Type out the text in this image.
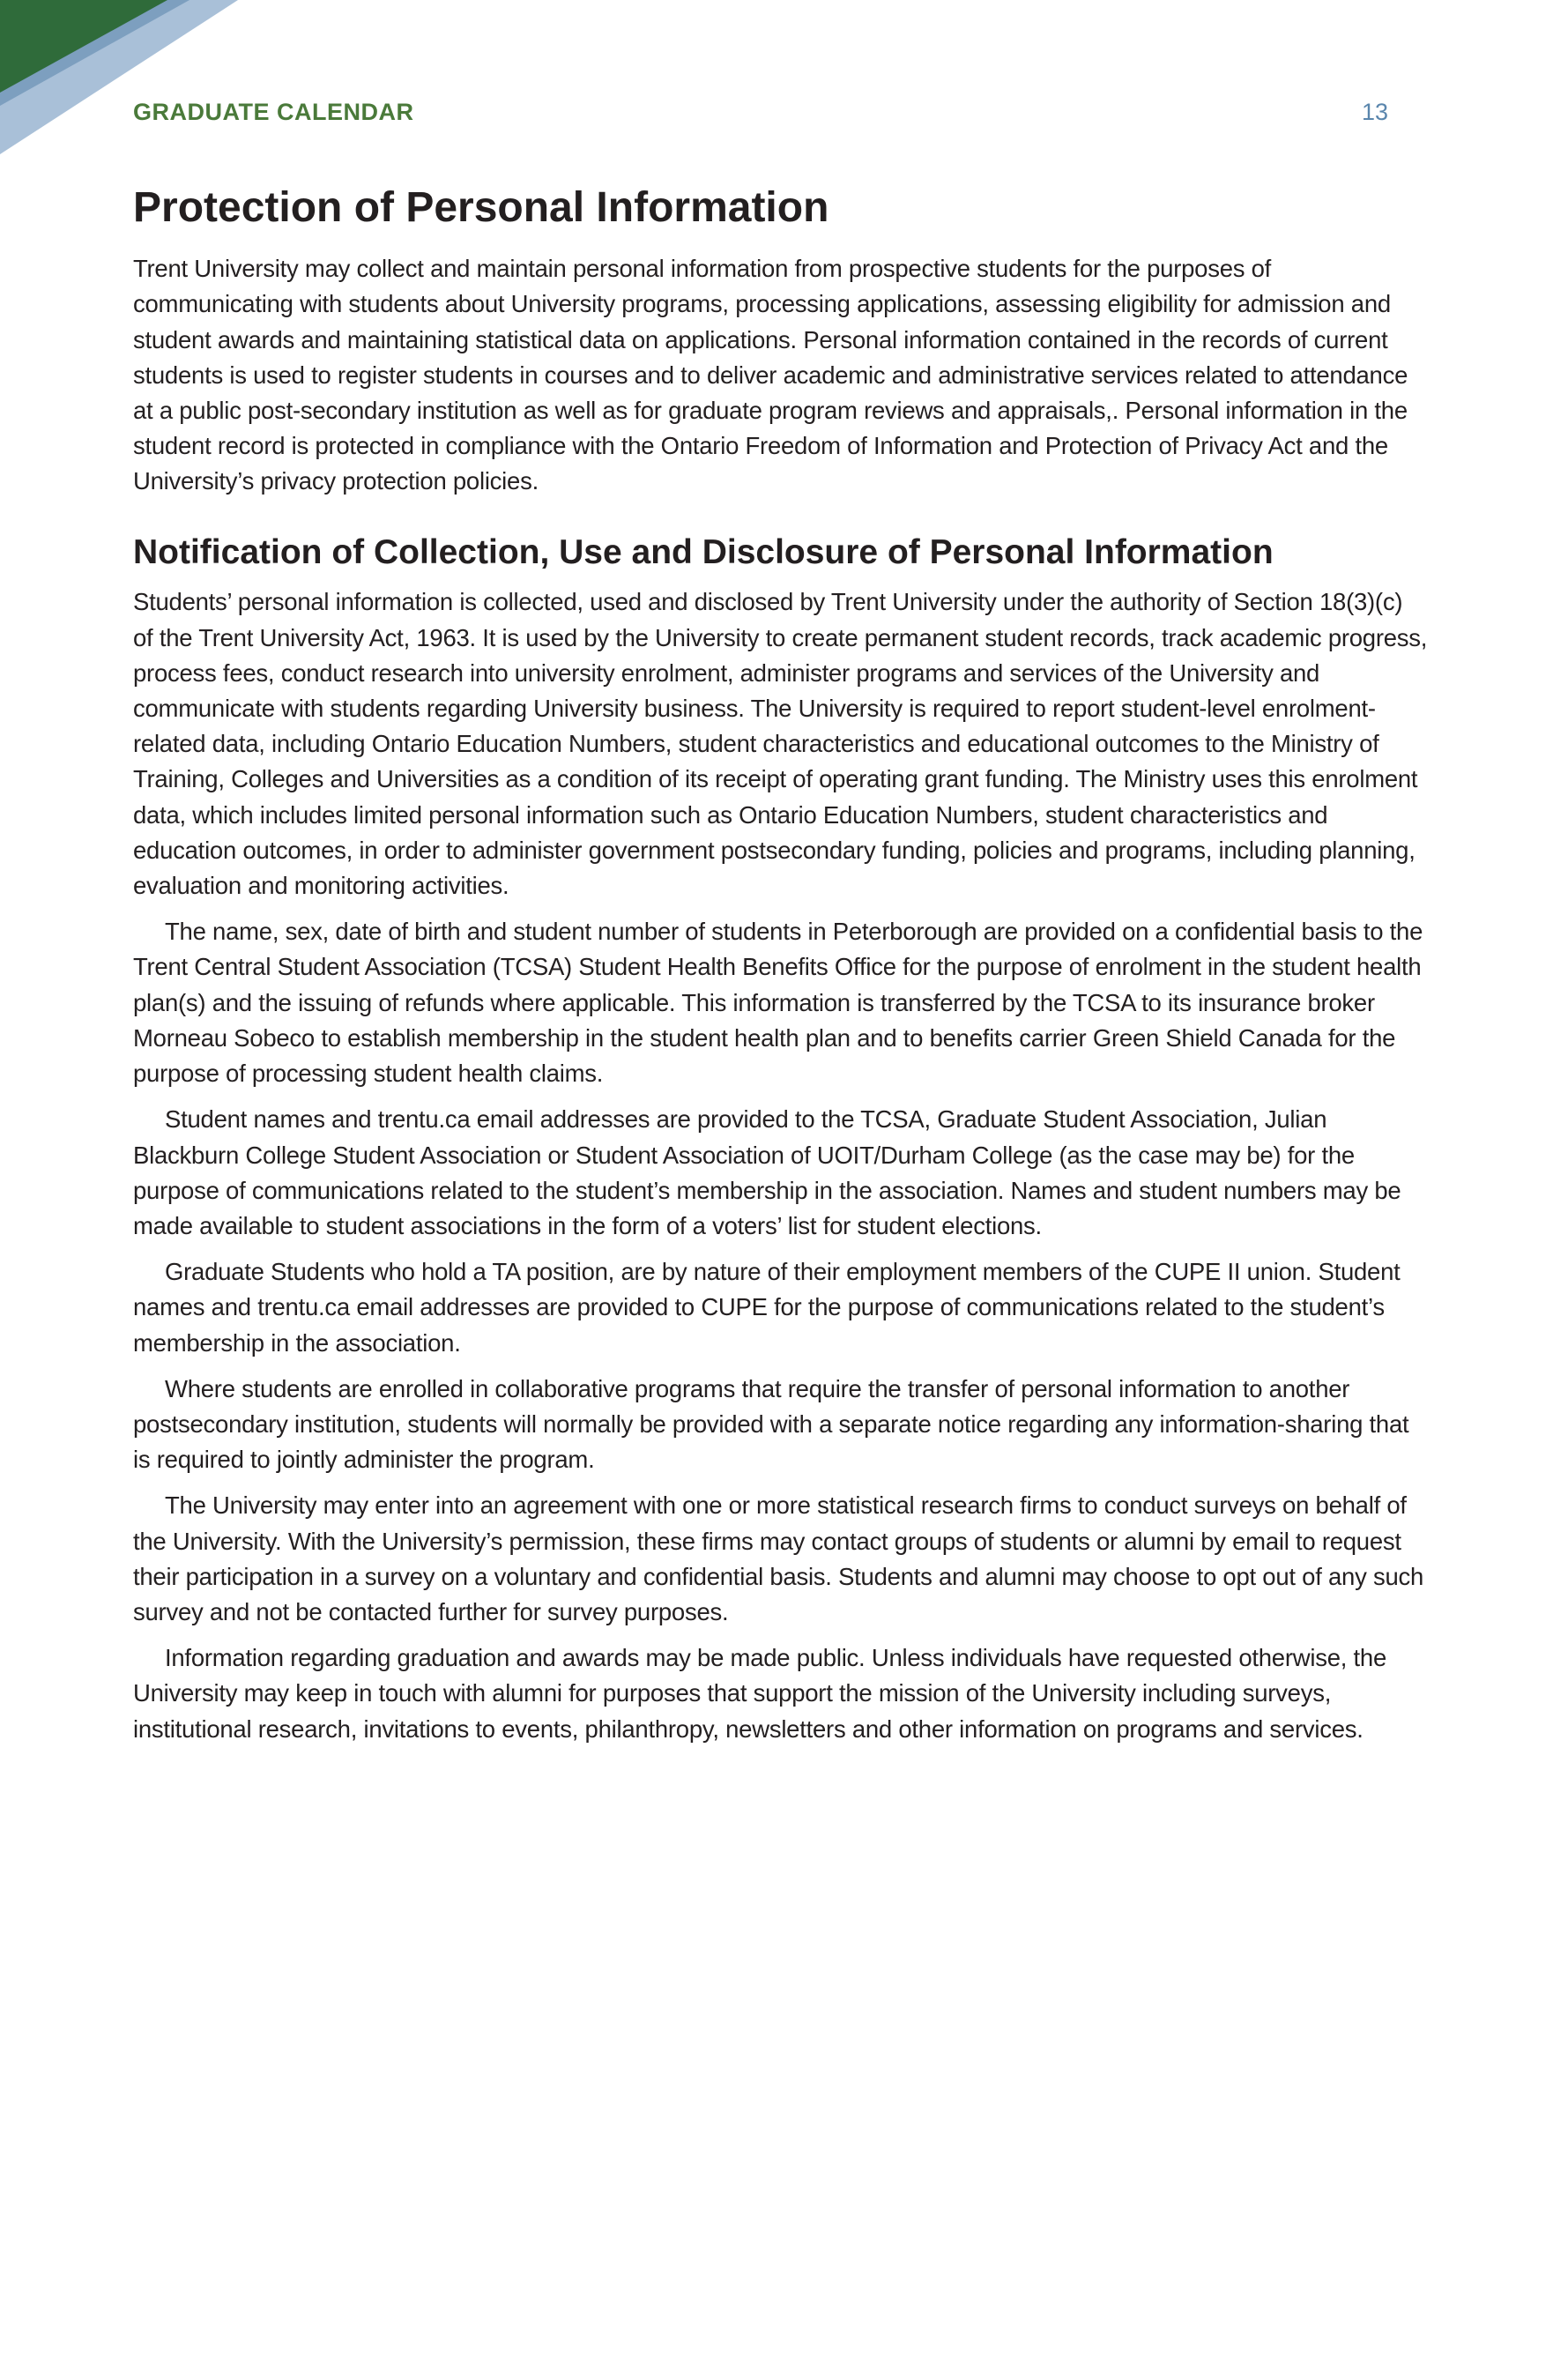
GRADUATE CALENDAR	13
Protection of Personal Information

Trent University may collect and maintain personal information from prospective students for the purposes of communicating with students about University programs, processing applications, assessing eligibility for admission and student awards and maintaining statistical data on applications. Personal information contained in the records of current students is used to register students in courses and to deliver academic and administrative services related to attendance at a public post-secondary institution as well as for graduate program reviews and appraisals,. Personal information in the student record is protected in compliance with the Ontario Freedom of Information and Protection of Privacy Act and the University’s privacy protection policies.

Notification of Collection, Use and Disclosure of Personal Information

Students’ personal information is collected, used and disclosed by Trent University under the authority of Section 18(3)(c) of the Trent University Act, 1963. It is used by the University to create permanent student records, track academic progress, process fees, conduct research into university enrolment, administer programs and services of the University and communicate with students regarding University business. The University is required to report student-level enrolment-related data, including Ontario Education Numbers, student characteristics and educational outcomes to the Ministry of Training, Colleges and Universities as a condition of its receipt of operating grant funding. The Ministry uses this enrolment data, which includes limited personal information such as Ontario Education Numbers, student characteristics and education outcomes, in order to administer government postsecondary funding, policies and programs, including planning, evaluation and monitoring activities.

The name, sex, date of birth and student number of students in Peterborough are provided on a confidential basis to the Trent Central Student Association (TCSA) Student Health Benefits Office for the purpose of enrolment in the student health plan(s) and the issuing of refunds where applicable. This information is transferred by the TCSA to its insurance broker Morneau Sobeco to establish membership in the student health plan and to benefits carrier Green Shield Canada for the purpose of processing student health claims.

Student names and trentu.ca email addresses are provided to the TCSA, Graduate Student Association, Julian Blackburn College Student Association or Student Association of UOIT/Durham College (as the case may be) for the purpose of communications related to the student’s membership in the association. Names and student numbers may be made available to student associations in the form of a voters’ list for student elections.

Graduate Students who hold a TA position, are by nature of their employment members of the CUPE II union. Student names and trentu.ca email addresses are provided to CUPE for the purpose of communications related to the student’s membership in the association.

Where students are enrolled in collaborative programs that require the transfer of personal information to another postsecondary institution, students will normally be provided with a separate notice regarding any information-sharing that is required to jointly administer the program.

The University may enter into an agreement with one or more statistical research firms to conduct surveys on behalf of the University. With the University’s permission, these firms may contact groups of students or alumni by email to request their participation in a survey on a voluntary and confidential basis. Students and alumni may choose to opt out of any such survey and not be contacted further for survey purposes.

Information regarding graduation and awards may be made public. Unless individuals have requested otherwise, the University may keep in touch with alumni for purposes that support the mission of the University including surveys, institutional research, invitations to events, philanthropy, newsletters and other information on programs and services.
